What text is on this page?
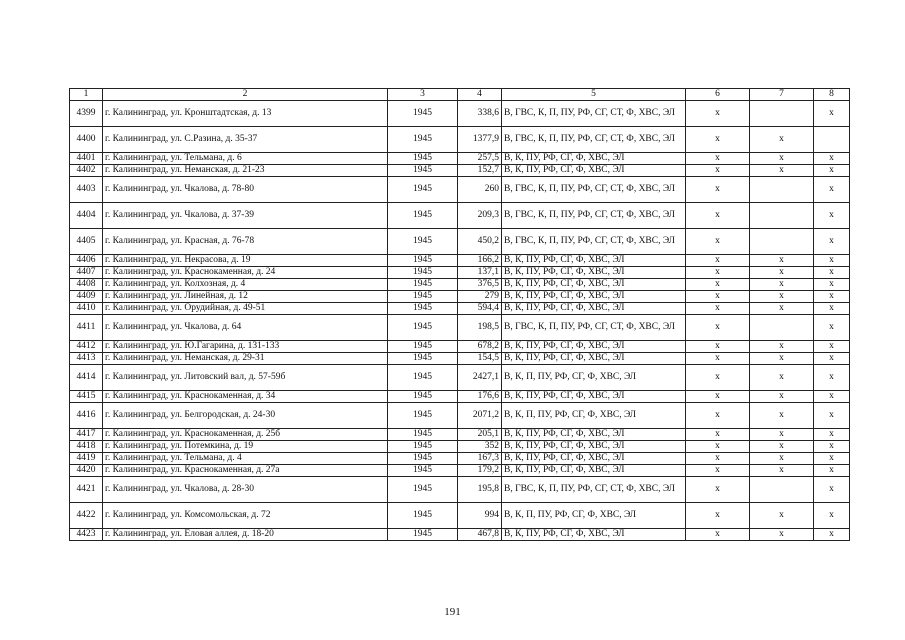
1	2	3	4	5	6	7	8
4399	г. Калининград, ул. Кронштадтская, д. 13	1945	338,6	В, ГВС, К, П, ПУ, РФ, СГ, СТ, Ф, ХВС, ЭЛ	x		x
4400	г. Калининград, ул. С.Разина, д. 35-37	1945	1377,9	В, ГВС, К, П, ПУ, РФ, СГ, СТ, Ф, ХВС, ЭЛ	x	x	
4401	г. Калининград, ул. Тельмана, д. 6	1945	257,5	В, К, ПУ, РФ, СГ, Ф, ХВС, ЭЛ	x	x	x
4402	г. Калининград, ул. Неманская, д. 21-23	1945	152,7	В, К, ПУ, РФ, СГ, Ф, ХВС, ЭЛ	x	x	x
4403	г. Калининград, ул. Чкалова, д. 78-80	1945	260	В, ГВС, К, П, ПУ, РФ, СГ, СТ, Ф, ХВС, ЭЛ	x		x
4404	г. Калининград, ул. Чкалова, д. 37-39	1945	209,3	В, ГВС, К, П, ПУ, РФ, СГ, СТ, Ф, ХВС, ЭЛ	x		x
4405	г. Калининград, ул. Красная, д. 76-78	1945	450,2	В, ГВС, К, П, ПУ, РФ, СГ, СТ, Ф, ХВС, ЭЛ	x		x
4406	г. Калининград, ул. Некрасова, д. 19	1945	166,2	В, К, ПУ, РФ, СГ, Ф, ХВС, ЭЛ	x	x	x
4407	г. Калининград, ул. Краснокаменная, д. 24	1945	137,1	В, К, ПУ, РФ, СГ, Ф, ХВС, ЭЛ	x	x	x
4408	г. Калининград, ул. Колхозная, д. 4	1945	376,5	В, К, ПУ, РФ, СГ, Ф, ХВС, ЭЛ	x	x	x
4409	г. Калининград, ул. Линейная, д. 12	1945	279	В, К, ПУ, РФ, СГ, Ф, ХВС, ЭЛ	x	x	x
4410	г. Калининград, ул. Орудийная, д. 49-51	1945	594,4	В, К, ПУ, РФ, СГ, Ф, ХВС, ЭЛ	x	x	x
4411	г. Калининград, ул. Чкалова, д. 64	1945	198,5	В, ГВС, К, П, ПУ, РФ, СГ, СТ, Ф, ХВС, ЭЛ	x		x
4412	г. Калининград, ул. Ю.Гагарина, д. 131-133	1945	678,2	В, К, ПУ, РФ, СГ, Ф, ХВС, ЭЛ	x	x	x
4413	г. Калининград, ул. Неманская, д. 29-31	1945	154,5	В, К, ПУ, РФ, СГ, Ф, ХВС, ЭЛ	x	x	x
4414	г. Калининград, ул. Литовский вал, д. 57-59б	1945	2427,1	В, К, П, ПУ, РФ, СГ, Ф, ХВС, ЭЛ	x	x	x
4415	г. Калининград, ул. Краснокаменная, д. 34	1945	176,6	В, К, ПУ, РФ, СГ, Ф, ХВС, ЭЛ	x	x	x
4416	г. Калининград, ул. Белгородская, д. 24-30	1945	2071,2	В, К, П, ПУ, РФ, СГ, Ф, ХВС, ЭЛ	x	x	x
4417	г. Калининград, ул. Краснокаменная, д. 25б	1945	205,1	В, К, ПУ, РФ, СГ, Ф, ХВС, ЭЛ	x	x	x
4418	г. Калининград, ул. Потемкина, д. 19	1945	352	В, К, ПУ, РФ, СГ, Ф, ХВС, ЭЛ	x	x	x
4419	г. Калининград, ул. Тельмана, д. 4	1945	167,3	В, К, ПУ, РФ, СГ, Ф, ХВС, ЭЛ	x	x	x
4420	г. Калининград, ул. Краснокаменная, д. 27а	1945	179,2	В, К, ПУ, РФ, СГ, Ф, ХВС, ЭЛ	x	x	x
4421	г. Калининград, ул. Чкалова, д. 28-30	1945	195,8	В, ГВС, К, П, ПУ, РФ, СГ, СТ, Ф, ХВС, ЭЛ	x		x
4422	г. Калининград, ул. Комсомольская, д. 72	1945	994	В, К, П, ПУ, РФ, СГ, Ф, ХВС, ЭЛ	x	x	x
4423	г. Калининград, ул. Еловая аллея, д. 18-20	1945	467,8	В, К, ПУ, РФ, СГ, Ф, ХВС, ЭЛ	x	x	x
191
